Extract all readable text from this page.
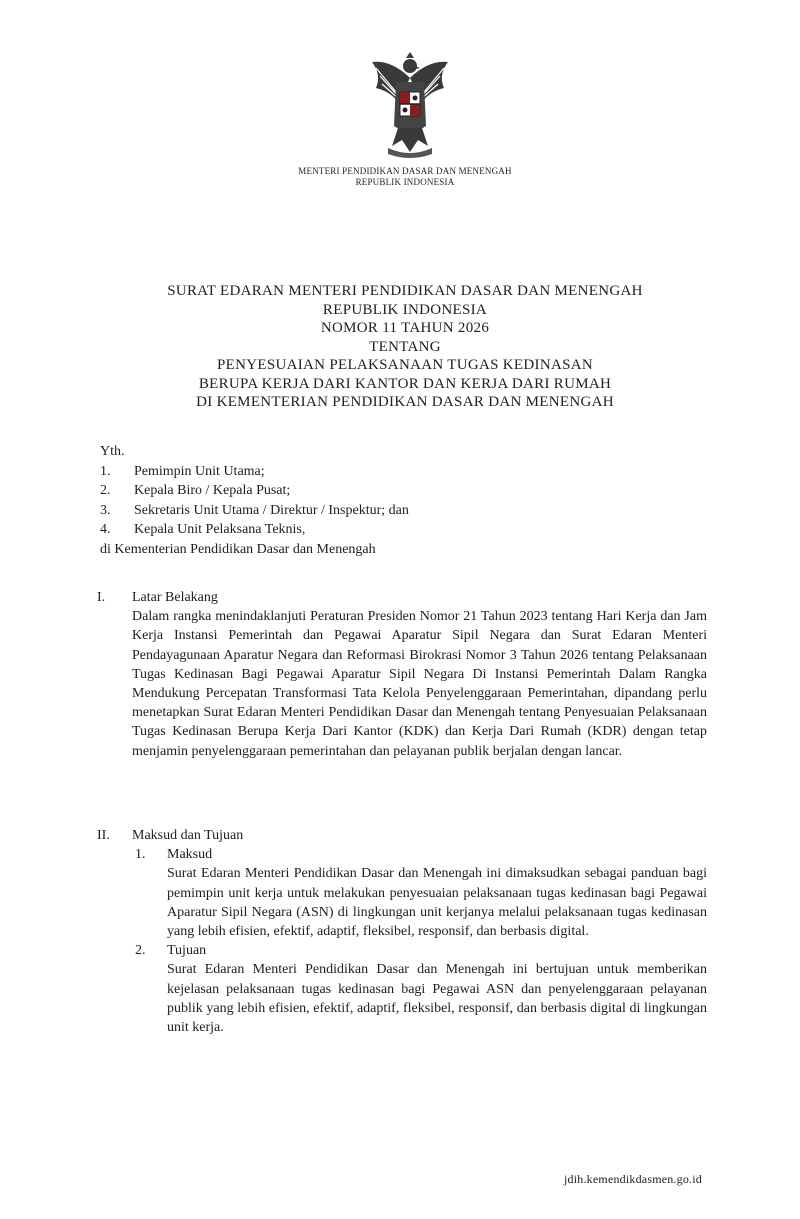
MENTERI PENDIDIKAN DASAR DAN MENENGAH
REPUBLIK INDONESIA
SURAT EDARAN MENTERI PENDIDIKAN DASAR DAN MENENGAH
REPUBLIK INDONESIA
NOMOR 11 TAHUN 2026
TENTANG
PENYESUAIAN PELAKSANAAN TUGAS KEDINASAN
BERUPA KERJA DARI KANTOR DAN KERJA DARI RUMAH
DI KEMENTERIAN PENDIDIKAN DASAR DAN MENENGAH
Yth.
1.	Pemimpin Unit Utama;
2.	Kepala Biro / Kepala Pusat;
3.	Sekretaris Unit Utama / Direktur / Inspektur; dan
4.	Kepala Unit Pelaksana Teknis,
di Kementerian Pendidikan Dasar dan Menengah
I.	Latar Belakang
Dalam rangka menindaklanjuti Peraturan Presiden Nomor 21 Tahun 2023 tentang Hari Kerja dan Jam Kerja Instansi Pemerintah dan Pegawai Aparatur Sipil Negara dan Surat Edaran Menteri Pendayagunaan Aparatur Negara dan Reformasi Birokrasi Nomor 3 Tahun 2026 tentang Pelaksanaan Tugas Kedinasan Bagi Pegawai Aparatur Sipil Negara Di Instansi Pemerintah Dalam Rangka Mendukung Percepatan Transformasi Tata Kelola Penyelenggaraan Pemerintahan, dipandang perlu menetapkan Surat Edaran Menteri Pendidikan Dasar dan Menengah tentang Penyesuaian Pelaksanaan Tugas Kedinasan Berupa Kerja Dari Kantor (KDK) dan Kerja Dari Rumah (KDR) dengan tetap menjamin penyelenggaraan pemerintahan dan pelayanan publik berjalan dengan lancar.
II.	Maksud dan Tujuan
1.	Maksud
Surat Edaran Menteri Pendidikan Dasar dan Menengah ini dimaksudkan sebagai panduan bagi pemimpin unit kerja untuk melakukan penyesuaian pelaksanaan tugas kedinasan bagi Pegawai Aparatur Sipil Negara (ASN) di lingkungan unit kerjanya melalui pelaksanaan tugas kedinasan yang lebih efisien, efektif, adaptif, fleksibel, responsif, dan berbasis digital.
2.	Tujuan
Surat Edaran Menteri Pendidikan Dasar dan Menengah ini bertujuan untuk memberikan kejelasan pelaksanaan tugas kedinasan bagi Pegawai ASN dan penyelenggaraan pelayanan publik yang lebih efisien, efektif, adaptif, fleksibel, responsif, dan berbasis digital di lingkungan unit kerja.
jdih.kemendikdasmen.go.id
